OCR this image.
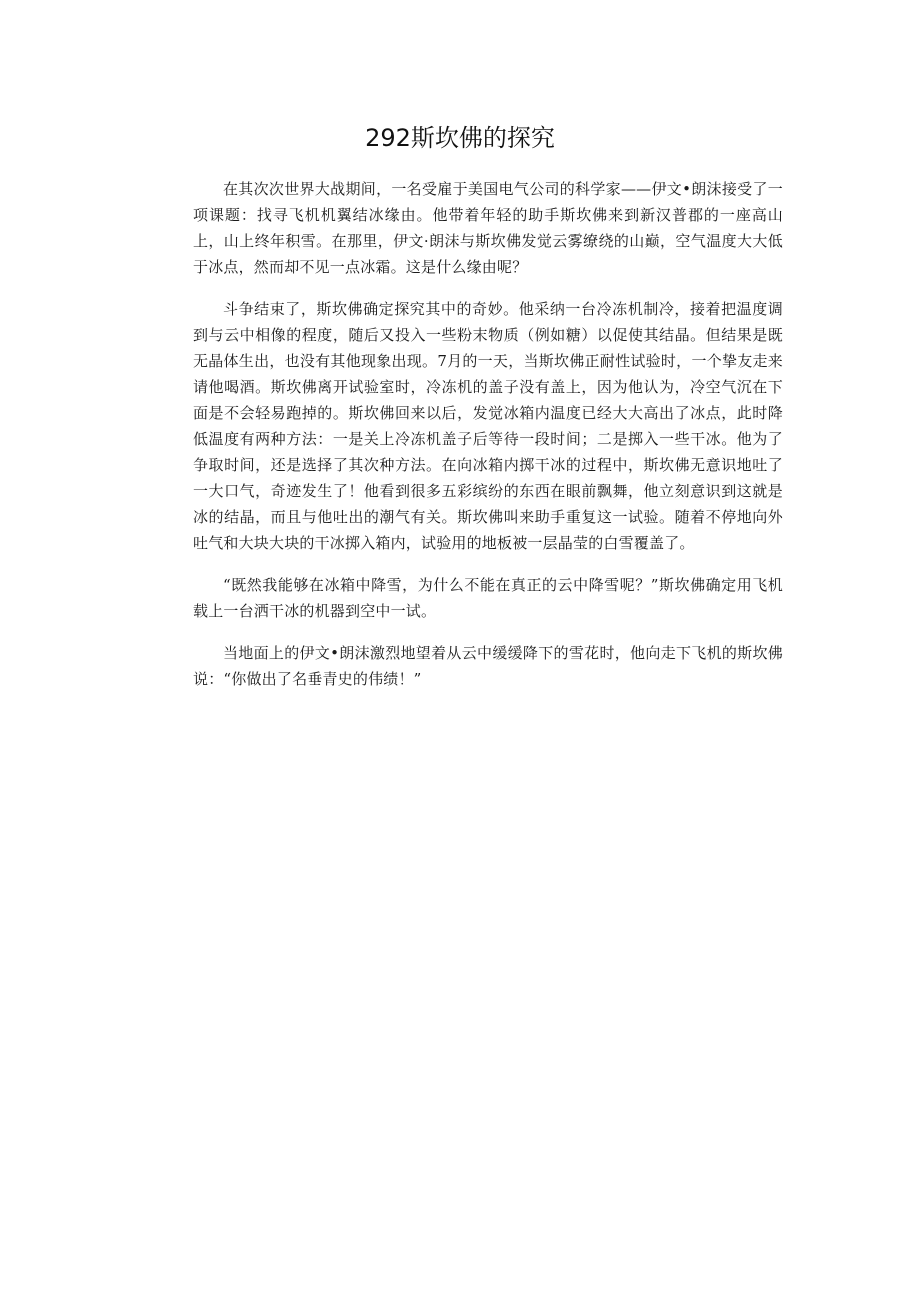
292斯坎佛的探究

在其次次世界大战期间，一名受雇于美国电气公司的科学家——伊文•朗沫接受了一项课题：找寻飞机机翼结冰缘由。他带着年轻的助手斯坎佛来到新汉普郡的一座高山上，山上终年积雪。在那里，伊文·朗沫与斯坎佛发觉云雾缭绕的山巅，空气温度大大低于冰点，然而却不见一点冰霜。这是什么缘由呢？

斗争结束了，斯坎佛确定探究其中的奇妙。他采纳一台冷冻机制冷，接着把温度调到与云中相像的程度，随后又投入一些粉末物质（例如糖）以促使其结晶。但结果是既无晶体生出，也没有其他现象出现。7月的一天，当斯坎佛正耐性试验时，一个挚友走来请他喝酒。斯坎佛离开试验室时，冷冻机的盖子没有盖上，因为他认为，冷空气沉在下面是不会轻易跑掉的。斯坎佛回来以后，发觉冰箱内温度已经大大高出了冰点，此时降低温度有两种方法：一是关上冷冻机盖子后等待一段时间；二是掷入一些干冰。他为了争取时间，还是选择了其次种方法。在向冰箱内掷干冰的过程中，斯坎佛无意识地吐了一大口气，奇迹发生了！他看到很多五彩缤纷的东西在眼前飘舞，他立刻意识到这就是冰的结晶，而且与他吐出的潮气有关。斯坎佛叫来助手重复这一试验。随着不停地向外吐气和大块大块的干冰掷入箱内，试验用的地板被一层晶莹的白雪覆盖了。

“既然我能够在冰箱中降雪，为什么不能在真正的云中降雪呢？”斯坎佛确定用飞机载上一台洒干冰的机器到空中一试。

当地面上的伊文•朗沫激烈地望着从云中缓缓降下的雪花时，他向走下飞机的斯坎佛说：“你做出了名垂青史的伟绩！”
